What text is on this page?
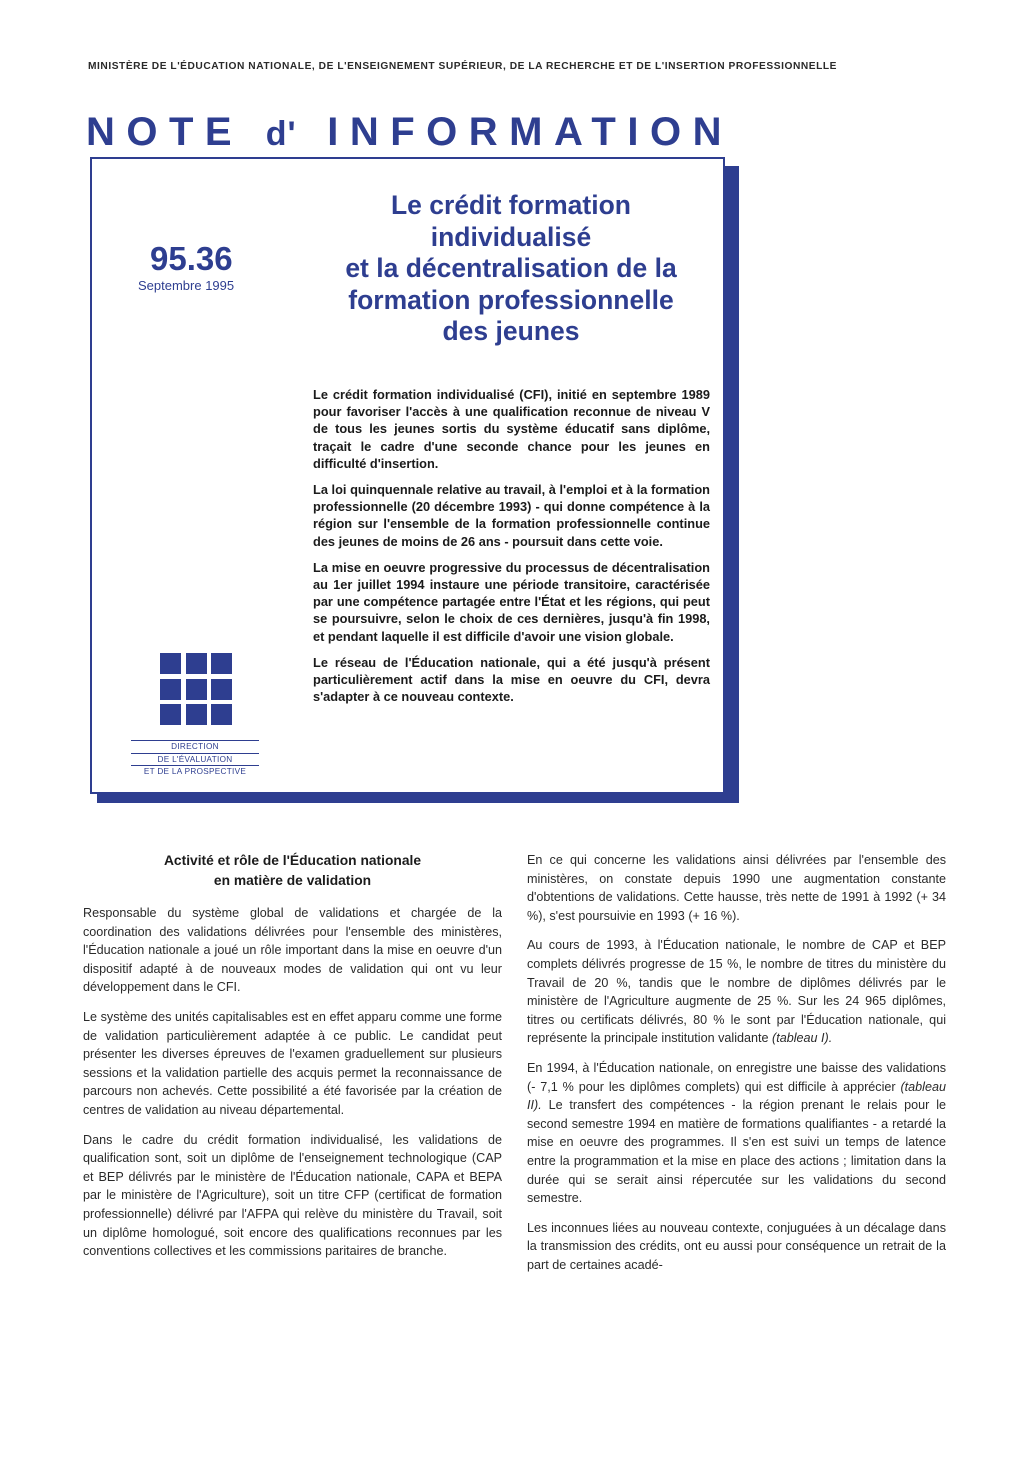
MINISTÈRE DE L'ÉDUCATION NATIONALE, DE L'ENSEIGNEMENT SUPÉRIEUR, DE LA RECHERCHE ET DE L'INSERTION PROFESSIONNELLE
NOTE d' INFORMATION
95.36
Septembre 1995
Le crédit formation
individualisé
et la décentralisation de la
formation professionnelle
des jeunes

Le crédit formation individualisé (CFI), initié en septembre 1989 pour favoriser l'accès à une qualification reconnue de niveau V de tous les jeunes sortis du système éducatif sans diplôme, traçait le cadre d'une seconde chance pour les jeunes en difficulté d'insertion.

La loi quinquennale relative au travail, à l'emploi et à la formation professionnelle (20 décembre 1993) - qui donne compétence à la région sur l'ensemble de la formation professionnelle continue des jeunes de moins de 26 ans - poursuit dans cette voie.

La mise en oeuvre progressive du processus de décentralisation au 1er juillet 1994 instaure une période transitoire, caractérisée par une compétence partagée entre l'État et les régions, qui peut se poursuivre, selon le choix de ces dernières, jusqu'à fin 1998, et pendant laquelle il est difficile d'avoir une vision globale.

Le réseau de l'Éducation nationale, qui a été jusqu'à présent particulièrement actif dans la mise en oeuvre du CFI, devra s'adapter à ce nouveau contexte.

DIRECTION
DE L'ÉVALUATION
ET DE LA PROSPECTIVE
Activité et rôle de l'Éducation nationale
en matière de validation

Responsable du système global de validations et chargée de la coordination des validations délivrées pour l'ensemble des ministères, l'Éducation nationale a joué un rôle important dans la mise en oeuvre d'un dispositif adapté à de nouveaux modes de validation qui ont vu leur développement dans le CFI.

Le système des unités capitalisables est en effet apparu comme une forme de validation particulièrement adaptée à ce public. Le candidat peut présenter les diverses épreuves de l'examen graduellement sur plusieurs sessions et la validation partielle des acquis permet la reconnaissance de parcours non achevés. Cette possibilité a été favorisée par la création de centres de validation au niveau départemental.

Dans le cadre du crédit formation individualisé, les validations de qualification sont, soit un diplôme de l'enseignement technologique (CAP et BEP délivrés par le ministère de l'Éducation nationale, CAPA et BEPA par le ministère de l'Agriculture), soit un titre CFP (certificat de formation professionnelle) délivré par l'AFPA qui relève du ministère du Travail, soit un diplôme homologué, soit encore des qualifications reconnues par les conventions collectives et les commissions paritaires de branche.

En ce qui concerne les validations ainsi délivrées par l'ensemble des ministères, on constate depuis 1990 une augmentation constante d'obtentions de validations. Cette hausse, très nette de 1991 à 1992 (+ 34 %), s'est poursuivie en 1993 (+ 16 %).

Au cours de 1993, à l'Éducation nationale, le nombre de CAP et BEP complets délivrés progresse de 15 %, le nombre de titres du ministère du Travail de 20 %, tandis que le nombre de diplômes délivrés par le ministère de l'Agriculture augmente de 25 %. Sur les 24 965 diplômes, titres ou certificats délivrés, 80 % le sont par l'Éducation nationale, qui représente la principale institution validante (tableau I).

En 1994, à l'Éducation nationale, on enregistre une baisse des validations (- 7,1 % pour les diplômes complets) qui est difficile à apprécier (tableau II). Le transfert des compétences - la région prenant le relais pour le second semestre 1994 en matière de formations qualifiantes - a retardé la mise en oeuvre des programmes. Il s'en est suivi un temps de latence entre la programmation et la mise en place des actions ; limitation dans la durée qui se serait ainsi répercutée sur les validations du second semestre.

Les inconnues liées au nouveau contexte, conjuguées à un décalage dans la transmission des crédits, ont eu aussi pour conséquence un retrait de la part de certaines acadé-
